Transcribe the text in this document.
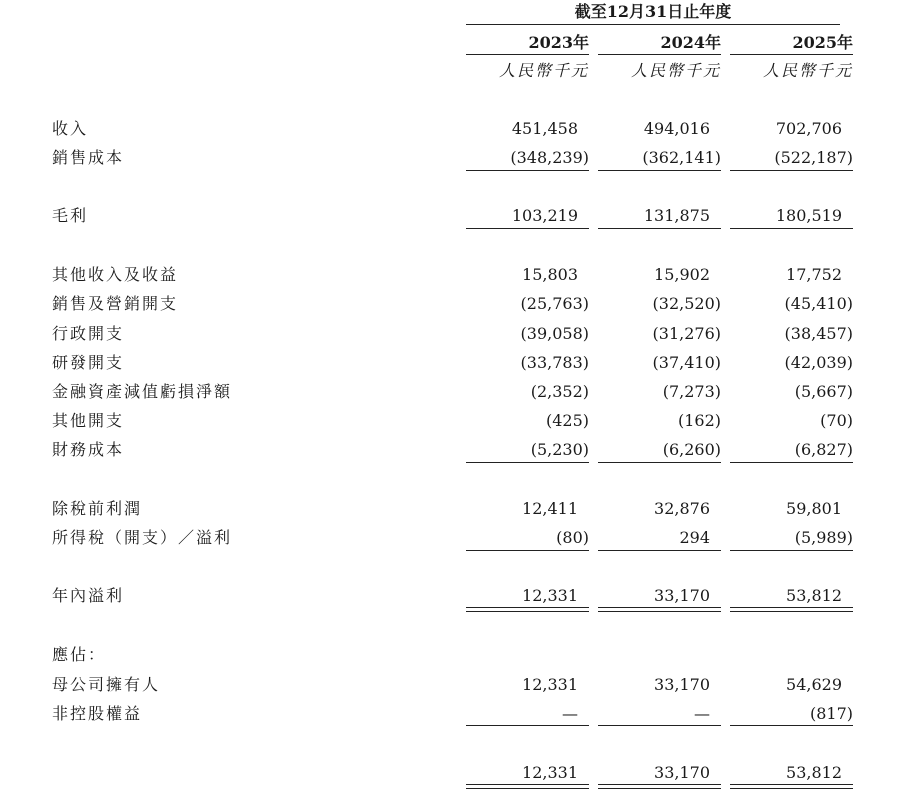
截至12月31日止年度
2023年	2024年	2025年
人民幣千元	人民幣千元	人民幣千元
收入	451,458	494,016	702,706
銷售成本	(348,239)	(362,141)	(522,187)
毛利	103,219	131,875	180,519
其他收入及收益	15,803	15,902	17,752
銷售及營銷開支	(25,763)	(32,520)	(45,410)
行政開支	(39,058)	(31,276)	(38,457)
研發開支	(33,783)	(37,410)	(42,039)
金融資產減值虧損淨額	(2,352)	(7,273)	(5,667)
其他開支	(425)	(162)	(70)
財務成本	(5,230)	(6,260)	(6,827)
除稅前利潤	12,411	32,876	59,801
所得稅（開支）／溢利	(80)	294	(5,989)
年內溢利	12,331	33,170	53,812
應佔：
母公司擁有人	12,331	33,170	54,629
非控股權益	—	—	(817)
12,331	33,170	53,812
